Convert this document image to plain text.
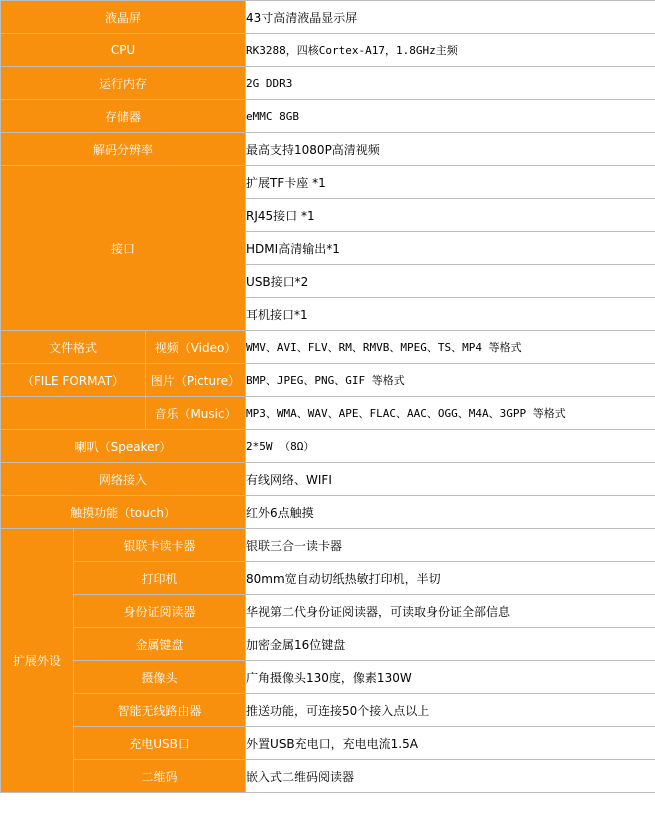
液晶屏			43寸高清液晶显示屏
CPU			RK3288，四核Cortex-A17，1.8GHz主频
运行内存			2G DDR3
存储器			eMMC 8GB
解码分辨率			最高支持1080P高清视频
接口			扩展TF卡座 *1
			RJ45接口 *1
			HDMI高清输出*1
			USB接口*2
			耳机接口*1
文件格式		视频（Video）	WMV、AVI、FLV、RM、RMVB、MPEG、TS、MP4 等格式
（FILE FORMAT）		图片（Picture）	BMP、JPEG、PNG、GIF 等格式
		音乐（Music）	MP3、WMA、WAV、APE、FLAC、AAC、OGG、M4A、3GPP 等格式
喇叭（Speaker）			2*5W （8Ω）
网络接入			有线网络、WIFI
触摸功能（touch）			红外6点触摸
扩展外设	银联卡读卡器		银联三合一读卡器
	打印机		80mm宽自动切纸热敏打印机，半切
	身份证阅读器		华视第二代身份证阅读器，可读取身份证全部信息
	金属键盘		加密金属16位键盘
	摄像头		广角摄像头130度，像素130W
	智能无线路由器		推送功能，可连接50个接入点以上
	充电USB口		外置USB充电口，充电电流1.5A
	二维码		嵌入式二维码阅读器
